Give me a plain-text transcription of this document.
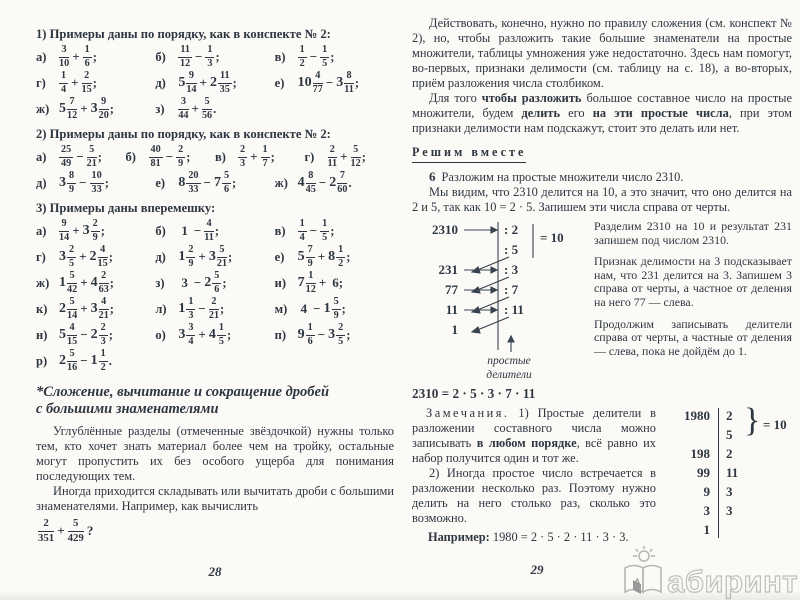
1) Примеры даны по порядку, как в конспекте № 2:
а)	$\frac{3}{10} + \frac{1}{6}$ ;	б)	$\frac{11}{12} - \frac{1}{3}$ ;	в)	$\frac{1}{2} - \frac{1}{5}$ ;
г)	$\frac{1}{4} + \frac{2}{15}$ ;	д) $5 \frac{9}{14} + 2 \frac{11}{35}$ ;	е) $10 \frac{4}{77} - 3 \frac{8}{11}$ ;
ж) $5 \frac{7}{12} + 3 \frac{9}{20}$ ;	з)	$\frac{3}{44} + \frac{5}{56}$ .
2) Примеры даны по порядку, как в конспекте № 2:
а)	$\frac{25}{49} - \frac{5}{21}$ ; б)	$\frac{40}{81} - \frac{2}{9}$ ; в)	$\frac{2}{3} + \frac{1}{7}$ ; г)	$\frac{2}{11} + \frac{5}{12}$ ;
д) $3 \frac{8}{9} - \frac{10}{33}$ ;	е) $8 \frac{20}{33} - 7 \frac{5}{6}$ ;	ж) $4 \frac{8}{45} - 2 \frac{7}{60}$ .
3) Примеры даны вперемешку:
а)	$\frac{9}{14} + 3 \frac{2}{9}$ ;	б)	$1 - \frac{4}{11}$ ;	в)	$\frac{1}{4} - \frac{1}{5}$ ;
г) $3 \frac{2}{5} + 2 \frac{4}{15}$ ;	д) $1 \frac{2}{9} + 3 \frac{5}{21}$ ;	е) $5 \frac{7}{9} + 8 \frac{1}{2}$ ;
ж) $1 \frac{5}{42} + 4 \frac{2}{63}$ ;	з)	$3 - 2 \frac{5}{6}$ ;	и) $7 \frac{1}{12} + 6$;
к) $2 \frac{5}{14} + 3 \frac{4}{21}$ ;	л) $1 \frac{1}{3} - \frac{2}{21}$ ;	м)	$4 - 1 \frac{5}{9}$ ;
н) $5 \frac{4}{15} - 2 \frac{2}{3}$ ;	о) $3 \frac{3}{4} + 4 \frac{1}{5}$ ;	п) $9 \frac{1}{6} - 3 \frac{2}{5}$ ;
р) $2 \frac{5}{16} - 1 \frac{1}{2}$ .
*Сложение, вычитание и сокращение дробей
с большими знаменателями

Углублённые разделы (отмеченные звёздочкой) нужны только тем, кто хочет знать материал более чем на тройку, остальные могут пропустить их без особого ущерба для понимания последующих тем.

Иногда приходится складывать или вычитать дроби с большими знаменателями. Например, как вычислить

$\frac{2}{351} + \frac{5}{429}$ ?

Действовать, конечно, нужно по правилу сложения (см. конспект № 2), но, чтобы разложить такие большие знаменатели на простые множители, таблицы умножения уже недостаточно. Здесь нам помогут, во-первых, признаки делимости (см. таблицу на с. 18), а во-вторых, приём разложения числа столбиком.

Для того чтобы разложить большое составное число на простые множители, будем делить его на эти простые числа, при этом признаки делимости нам подскажут, стоит это делать или нет.

Решим вместе

6 Разложим на простые множители число 2310.

Мы видим, что 2310 делится на 10, а это значит, что оно делится на 2 и 5, так как 10 = 2 · 5. Запишем эти числа справа от черты.

= 10
простые
делители
2310	: 2
: 5
231	: 3
77	: 7
11	: 11
1
2310 = 2 · 5 · 3 · 7 · 11

Разделим 2310 на 10 и результат 231 запишем под числом 2310.

Признак делимости на 3 подсказывает нам, что 231 делится на 3. Запишем 3 справа от черты, а частное от деления на него 77 — слева.

Продолжим записывать делители справа от черты, а частные от деления — слева, пока не дойдём до 1.

Замечания. 1) Простые делители в разложении составного числа можно записывать в любом порядке, всё равно их набор получится один и тот же.

2) Иногда простое число встречается в разложении несколько раз. Поэтому нужно делить на него столько раз, сколько это возможно.

Например: 1980 = 2 · 5 · 2 · 11 · 3 · 3.

} = 10
1980 2
5
198 2
99 11
9 3
3 3
1
28	29
А абиринт
